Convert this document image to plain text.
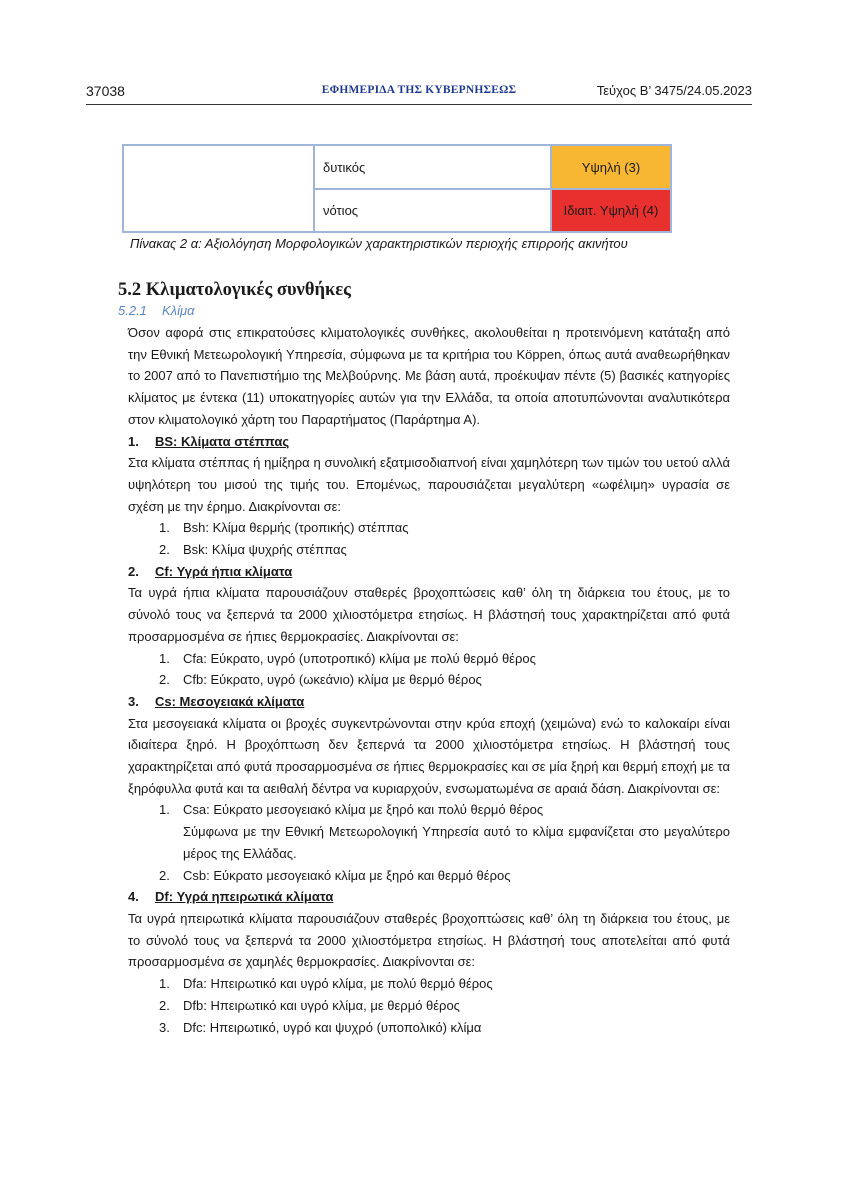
37038	ΕΦΗΜΕΡΙΔΑ ΤΗΣ ΚΥΒΕΡΝΗΣΕΩΣ	Τεύχος Β’ 3475/24.05.2023
	δυτικός	Υψηλή (3)
	νότιος	Ιδιαιτ. Υψηλή (4)
Πίνακας 2 α: Αξιολόγηση Μορφολογικών χαρακτηριστικών περιοχής επιρροής ακινήτου
5.2 Κλιματολογικές συνθήκες
5.2.1 Κλίμα

Όσον αφορά στις επικρατούσες κλιματολογικές συνθήκες, ακολουθείται η προτεινόμενη κατάταξη από την Εθνική Μετεωρολογική Υπηρεσία, σύμφωνα με τα κριτήρια του Köppen, όπως αυτά αναθεωρήθηκαν το 2007 από το Πανεπιστήμιο της Μελβούρνης. Με βάση αυτά, προέκυψαν πέντε (5) βασικές κατηγορίες κλίματος με έντεκα (11) υποκατηγορίες αυτών για την Ελλάδα, τα οποία αποτυπώνονται αναλυτικότερα στον κλιματολογικό χάρτη του Παραρτήματος (Παράρτημα Α).

1. BS: Κλίματα στέππας

Στα κλίματα στέππας ή ημίξηρα η συνολική εξατμισοδιαπνοή είναι χαμηλότερη των τιμών του υετού αλλά υψηλότερη του μισού της τιμής του. Επομένως, παρουσιάζεται μεγαλύτερη «ωφέλιμη» υγρασία σε σχέση με την έρημο. Διακρίνονται σε:

1. Bsh: Κλίμα θερμής (τροπικής) στέππας

2. Bsk: Κλίμα ψυχρής στέππας

2. Cf: Υγρά ήπια κλίματα

Τα υγρά ήπια κλίματα παρουσιάζουν σταθερές βροχοπτώσεις καθ’ όλη τη διάρκεια του έτους, με το σύνολό τους να ξεπερνά τα 2000 χιλιοστόμετρα ετησίως. Η βλάστησή τους χαρακτηρίζεται από φυτά προσαρμοσμένα σε ήπιες θερμοκρασίες. Διακρίνονται σε:

1. Cfa: Εύκρατο, υγρό (υποτροπικό) κλίμα με πολύ θερμό θέρος

2. Cfb: Εύκρατο, υγρό (ωκεάνιο) κλίμα με θερμό θέρος

3. Cs: Μεσογειακά κλίματα

Στα μεσογειακά κλίματα οι βροχές συγκεντρώνονται στην κρύα εποχή (χειμώνα) ενώ το καλοκαίρι είναι ιδιαίτερα ξηρό. Η βροχόπτωση δεν ξεπερνά τα 2000 χιλιοστόμετρα ετησίως. Η βλάστησή τους χαρακτηρίζεται από φυτά προσαρμοσμένα σε ήπιες θερμοκρασίες και σε μία ξηρή και θερμή εποχή με τα ξηρόφυλλα φυτά και τα αειθαλή δέντρα να κυριαρχούν, ενσωματωμένα σε αραιά δάση. Διακρίνονται σε:

1. Csa: Εύκρατο μεσογειακό κλίμα με ξηρό και πολύ θερμό θέρος

Σύμφωνα με την Εθνική Μετεωρολογική Υπηρεσία αυτό το κλίμα εμφανίζεται στο μεγαλύτερο μέρος της Ελλάδας.

2. Csb: Εύκρατο μεσογειακό κλίμα με ξηρό και θερμό θέρος

4. Df: Υγρά ηπειρωτικά κλίματα

Τα υγρά ηπειρωτικά κλίματα παρουσιάζουν σταθερές βροχοπτώσεις καθ’ όλη τη διάρκεια του έτους, με το σύνολό τους να ξεπερνά τα 2000 χιλιοστόμετρα ετησίως. Η βλάστησή τους αποτελείται από φυτά προσαρμοσμένα σε χαμηλές θερμοκρασίες. Διακρίνονται σε:

1. Dfa: Ηπειρωτικό και υγρό κλίμα, με πολύ θερμό θέρος

2. Dfb: Ηπειρωτικό και υγρό κλίμα, με θερμό θέρος

3. Dfc: Ηπειρωτικό, υγρό και ψυχρό (υποπολικό) κλίμα
